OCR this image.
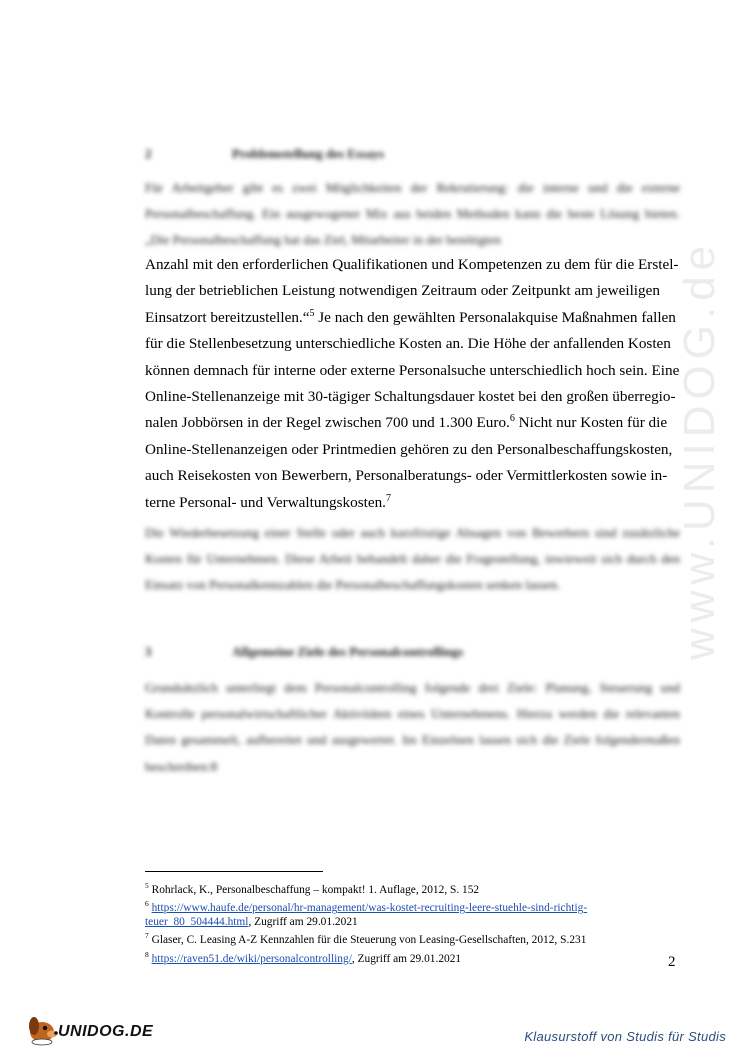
www.UNIDOG.de
2	Problemstellung des Essays
Für Arbeitgeber gibt es zwei Möglichkeiten der Rekrutierung: die interne und die externe Personalbeschaffung. Ein ausgewogener Mix aus beiden Methoden kann die beste Lösung bieten. „Die Personalbeschaffung hat das Ziel, Mitarbeiter in der benötigten
Anzahl mit den erforderlichen Qualifikationen und Kompetenzen zu dem für die Erstel-
lung der betrieblichen Leistung notwendigen Zeitraum oder Zeitpunkt am jeweiligen
Einsatzort bereitzustellen.“$^5$ Je nach den gewählten Personalakquise Maßnahmen fallen
für die Stellenbesetzung unterschiedliche Kosten an. Die Höhe der anfallenden Kosten
können demnach für interne oder externe Personalsuche unterschiedlich hoch sein. Eine
Online-Stellenanzeige mit 30-tägiger Schaltungsdauer kostet bei den großen überregio-
nalen Jobbörsen in der Regel zwischen 700 und 1.300 Euro.$^6$ Nicht nur Kosten für die
Online-Stellenanzeigen oder Printmedien gehören zu den Personalbeschaffungskosten,
auch Reisekosten von Bewerbern, Personalberatungs- oder Vermittlerkosten sowie in-
terne Personal- und Verwaltungskosten.$^7$
Die Wiederbesetzung einer Stelle oder auch kurzfristige Absagen von Bewerbern sind zusätzliche Kosten für Unternehmen. Diese Arbeit behandelt daher die Fragestellung, inwieweit sich durch den Einsatz von Personalkennzahlen die Personalbeschaffungskosten senken lassen.
3	Allgemeine Ziele des Personalcontrollings
Grundsätzlich unterliegt dem Personalcontrolling folgende drei Ziele: Planung, Steuerung und Kontrolle personalwirtschaftlicher Aktivitäten eines Unternehmens. Hierzu werden die relevanten Daten gesammelt, aufbereitet und ausgewertet. Im Einzelnen lassen sich die Ziele folgendermaßen beschreiben:8
$^5$ Rohrlack, K., Personalbeschaffung – kompakt! 1. Auflage, 2012, S. 152
$^6$ https://www.haufe.de/personal/hr-management/was-kostet-recruiting-leere-stuehle-sind-richtig-teuer_80_504444.html, Zugriff am 29.01.2021
$^7$ Glaser, C. Leasing A-Z Kennzahlen für die Steuerung von Leasing-Gesellschaften, 2012, S.231
$^8$ https://raven51.de/wiki/personalcontrolling/, Zugriff am 29.01.2021	2
UNIDOG.DE	Klausurstoff von Studis für Studis
